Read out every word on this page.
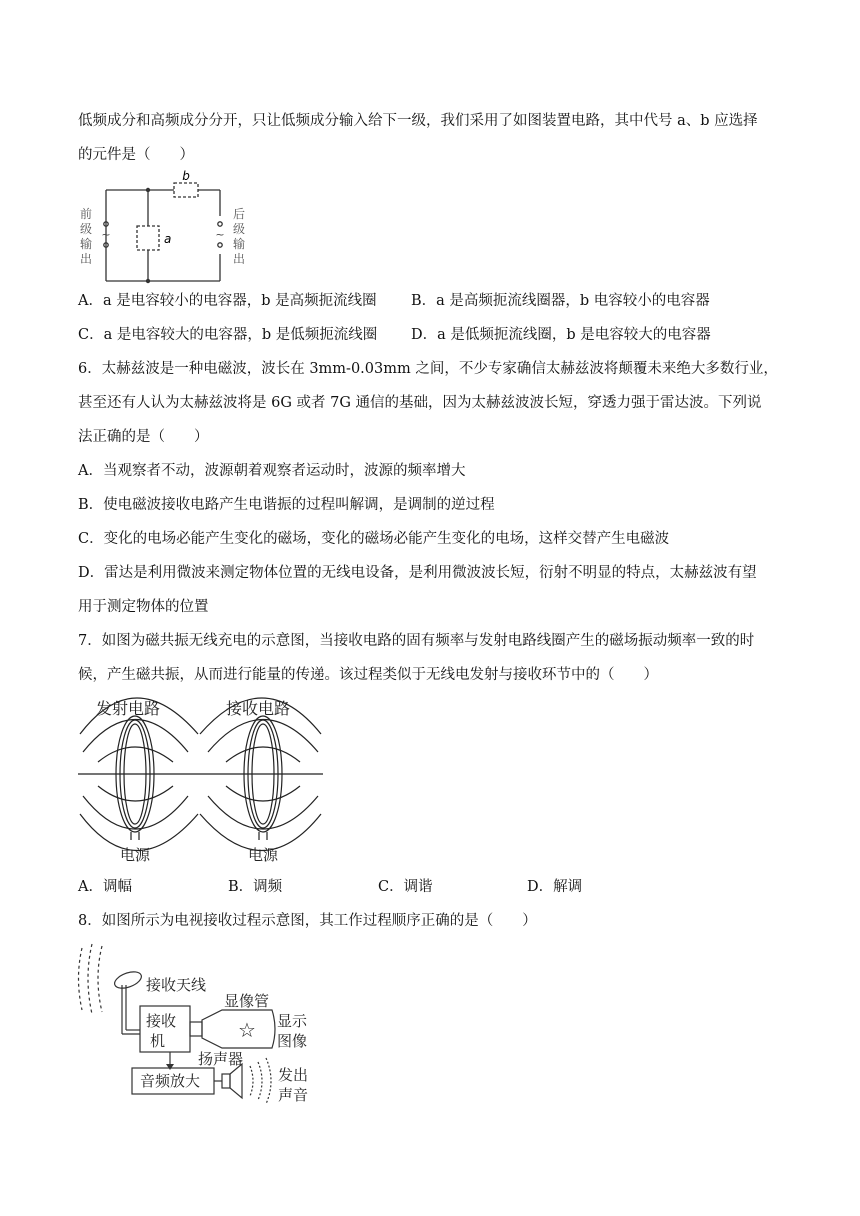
低频成分和高频成分分开，只让低频成分输入给下一级，我们采用了如图装置电路，其中代号 a、b 应选择
的元件是（　　）
b
a
~	~
前
级
输
出
后
级
输
出
A．a 是电容较小的电容器，b 是高频扼流线圈 B．a 是高频扼流线圈器，b 电容较小的电容器
C．a 是电容较大的电容器，b 是低频扼流线圈 D．a 是低频扼流线圈，b 是电容较大的电容器
6．太赫兹波是一种电磁波，波长在 3mm-0.03mm 之间，不少专家确信太赫兹波将颠覆未来绝大多数行业，
甚至还有人认为太赫兹波将是 6G 或者 7G 通信的基础，因为太赫兹波波长短，穿透力强于雷达波。下列说
法正确的是（　　）
A．当观察者不动，波源朝着观察者运动时，波源的频率增大
B．使电磁波接收电路产生电谐振的过程叫解调，是调制的逆过程
C．变化的电场必能产生变化的磁场，变化的磁场必能产生变化的电场，这样交替产生电磁波
D．雷达是利用微波来测定物体位置的无线电设备，是利用微波波长短，衍射不明显的特点，太赫兹波有望
用于测定物体的位置
7．如图为磁共振无线充电的示意图，当接收电路的固有频率与发射电路线圈产生的磁场振动频率一致的时
候，产生磁共振，从而进行能量的传递。该过程类似于无线电发射与接收环节中的（　　）
发射电路	接收电路
电源	电源
A．调幅	B．调频	C．调谐	D．解调
8．如图所示为电视接收过程示意图，其工作过程顺序正确的是（　　）
接收天线
显像管
接收
机	☆ 显示
图像
扬声器
音频放大	发出
声音
